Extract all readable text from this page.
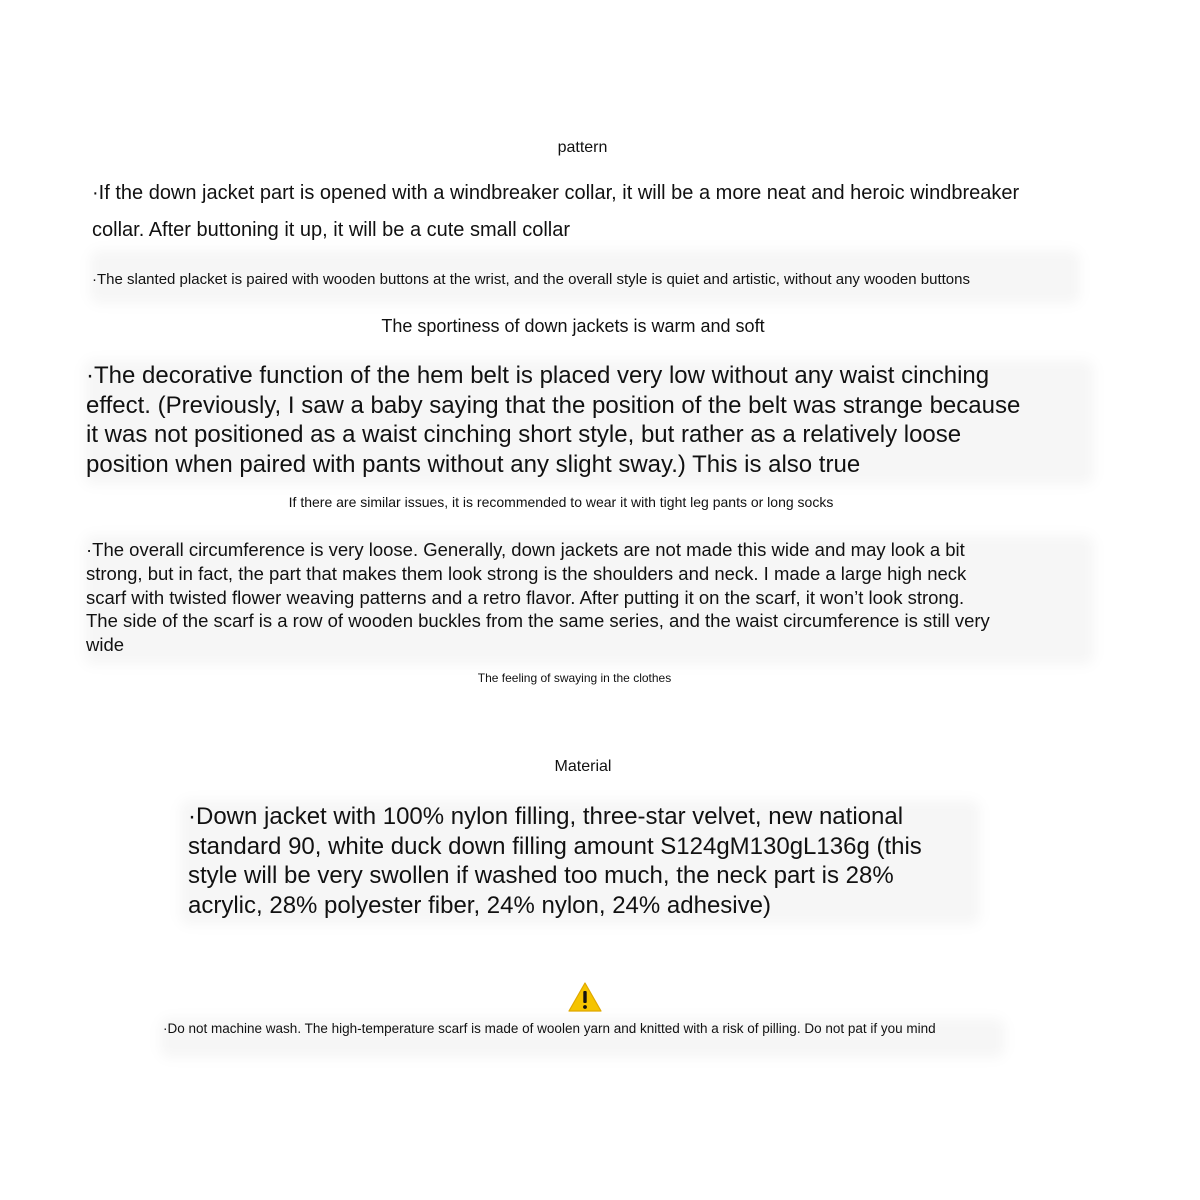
pattern

·If the down jacket part is opened with a windbreaker collar, it will be a more neat and heroic windbreaker

collar. After buttoning it up, it will be a cute small collar

·The slanted placket is paired with wooden buttons at the wrist, and the overall style is quiet and artistic, without any wooden buttons

The sportiness of down jackets is warm and soft

·The decorative function of the hem belt is placed very low without any waist cinching
effect. (Previously, I saw a baby saying that the position of the belt was strange because
it was not positioned as a waist cinching short style, but rather as a relatively loose
position when paired with pants without any slight sway.) This is also true

If there are similar issues, it is recommended to wear it with tight leg pants or long socks

·The overall circumference is very loose. Generally, down jackets are not made this wide and may look a bit
strong, but in fact, the part that makes them look strong is the shoulders and neck. I made a large high neck
scarf with twisted flower weaving patterns and a retro flavor. After putting it on the scarf, it won’t look strong.
The side of the scarf is a row of wooden buckles from the same series, and the waist circumference is still very
wide

The feeling of swaying in the clothes

Material

·Down jacket with 100% nylon filling, three-star velvet, new national
standard 90, white duck down filling amount S124gM130gL136g (this
style will be very swollen if washed too much, the neck part is 28%
acrylic, 28% polyester fiber, 24% nylon, 24% adhesive)

·Do not machine wash. The high-temperature scarf is made of woolen yarn and knitted with a risk of pilling. Do not pat if you mind
